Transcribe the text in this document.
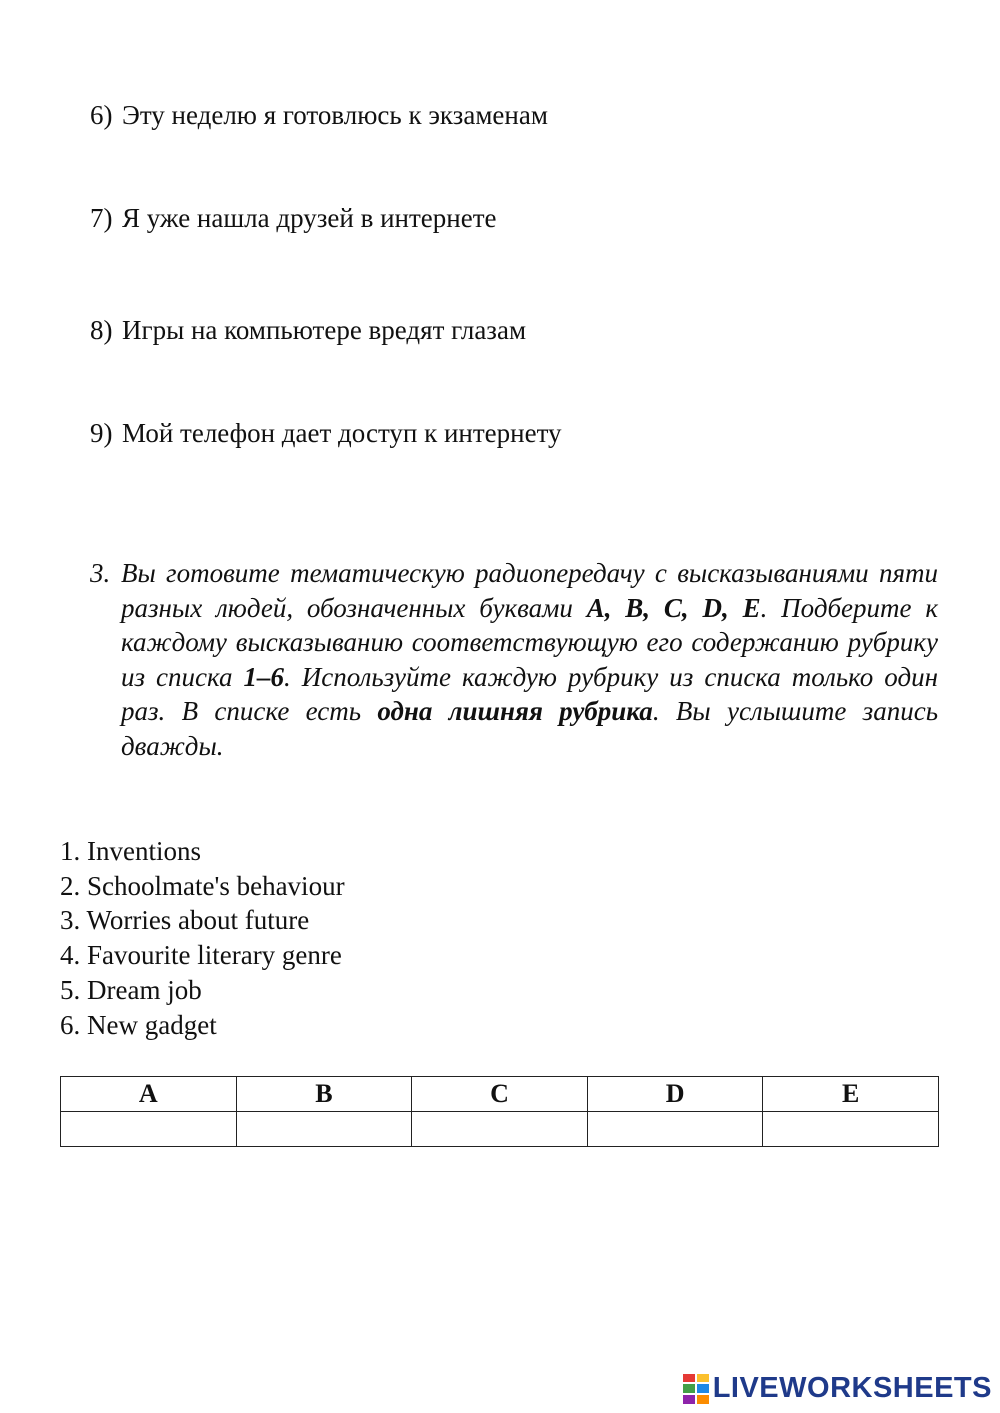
6) Эту неделю я готовлюсь к экзаменам
7) Я уже нашла друзей в интернете
8) Игры на компьютере вредят глазам
9) Мой телефон дает доступ к интернету
3. Вы готовите тематическую радиопередачу с высказываниями пяти разных людей, обозначенных буквами A, B, C, D, E. Подберите к каждому высказыванию соответствующую его содержанию рубрику из списка 1–6. Используйте каждую рубрику из списка только один раз. В списке есть одна лишняя рубрика. Вы услышите запись дважды.

1. Inventions
2. Schoolmate's behaviour
3. Worries about future
4. Favourite literary genre
5. Dream job
6. New gadget
A	B	C	D	E

LIVEWORKSHEETS
